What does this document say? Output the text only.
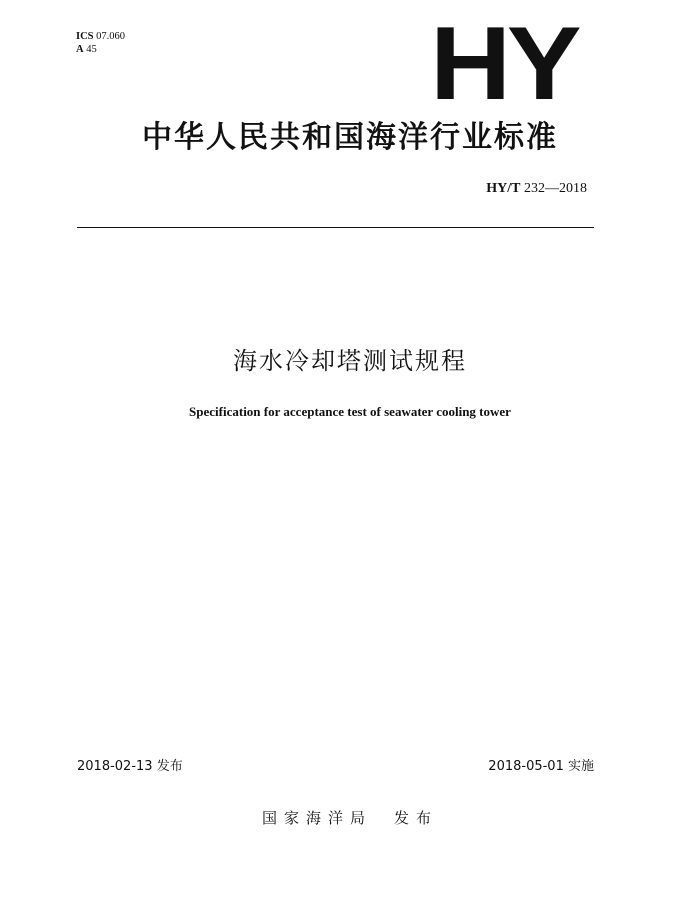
ICS 07.060
A 45	HY
中华人民共和国海洋行业标准
HY/T 232—2018
海水冷却塔测试规程
Specification for acceptance test of seawater cooling tower
2018-02-13 发布	2018-05-01 实施
国家海洋局 发布
